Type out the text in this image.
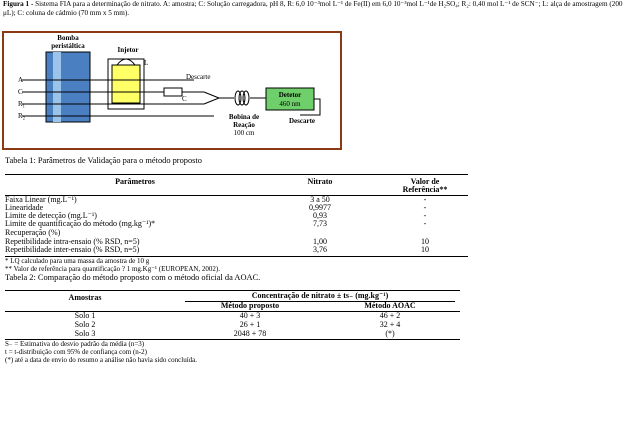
Figura 1 - Sistema FIA para a determinação de nitrato. A: amostra; C: Solução carregadora, pH 8, R: 6,0 10⁻³mol L⁻¹ de Fe(II) em 6,0 10⁻³mol L⁻¹de H₂SO₄; R₂: 0,40 mol L⁻¹ de SCN⁻; L: alça de amostragem (200 μL); C: coluna de cádmio (70 mm x 5 mm).
Bomba
peristáltica	Injetor
L
A
C
R₁
R₂
Descarte
C
Bobina de
Reação
100 cm
Detetor
460 nm
Descarte
Tabela 1: Parâmetros de Validação para o método proposto
Parâmetros	Nitrato	Valor de
Referência**
Faixa Linear (mg.L⁻¹)	3 a 50	-
Linearidade	0,9977	-
Limite de detecção (mg.L⁻¹)	0,93	-
Limite de quantificação do método (mg.kg⁻¹)*	7,73	-
Recuperação (%)
Repetibilidade intra-ensaio (% RSD, n=5)	1,00	10
Repetibilidade inter-ensaio (% RSD, n=5)	3,76	10
* LQ calculado para uma massa da amostra de 10 g
** Valor de referência para quantificação ? 1 mg.Kg⁻¹ (EUROPEAN, 2002).
Tabela 2: Comparação do método proposto com o método oficial da AOAC.
Amostras	Concentração de nitrato ± ts₋ (mg.kg⁻¹)
Método proposto	Método AOAC
Solo 1	40 + 3	46 + 2
Solo 2	26 + 1	32 + 4
Solo 3	2048 + 78	(*)
S₋ = Estimativa do desvio padrão da média (n=3)
t = t-distribuição com 95% de confiança com (n-2)
(*) até a data de envio do resumo a análise não havia sido concluída.
